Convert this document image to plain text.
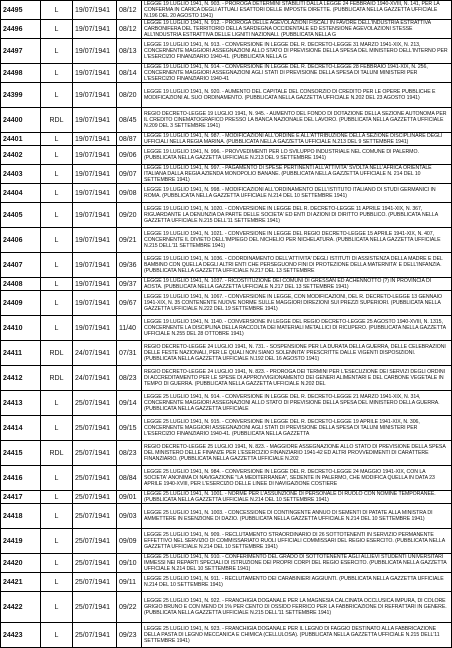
24495	L	19/07/1941	08/12	LEGGE 19 LUGLIO 1941, N. 903. - PROROGA DETERMINI STABILITI DALLA LEGGE 24 FEBBRAIO 1940-XVIII, N. 141, PER LA CONFERMA IN CARICA DEGLI ATTUALI ESATTORI DELLE IMPOSTE DIRETTE. (PUBBLICATA NELLA GAZZETTA UFFICIALE N.196 DEL 20 AGOSTO 1941)
24496	L	19/07/1941	08/12	LEGGE 19 LUGLIO 1941, N. 912. - PROROGA DELLE AGEVOLAZIONI FISCALI IN FAVORE DELL'INDUSTRIA ESTRATTIVA CARBONIFERA DEL TERRITORIO DELLA SARDEGNA OCCIDENTALE ED ESTENSIONE AGEVOLAZIONI STESSE ALL'INDUSTRIA ESTRATTIVA DELLE LIGNITI NAZIONALI. (PUBBLICATA NELLA G
24497	L	19/07/1941	08/13	LEGGE 19 LUGLIO 1941, N. 913. - CONVERSIONE IN LEGGE DEL R. DECRETO-LEGGE 31 MARZO 1941-XIX, N. 213, CONCERNENTE MAGGIORI ASSEGNAZIONI ALLO STATO DI PREVISIONE DELLA SPESA DEL MINISTERO DELL'INTERNO PER L'ESERCIZIO FINANZIARIO 1940-41. (PUBBLICATA NELLA G
24498	L	19/07/1941	08/14	LEGGE 19 LUGLIO 1941, N. 914. - CONVERSIONE IN LEGGE DEL R. DECRETO-LEGGE 28 FEBBRAIO 1941-XIX, N. 256, CONCERNENTE MAGGIORI ASSEGNAZIONI AGLI STATI DI PREVISIONE DELLA SPESA DI TALUNI MINISTERI PER L'ESERCIZIO FINANZIARIO 1940-41
24399	L	19/07/1941	08/20	LEGGE 19 LUGLIO 1941, N. 920. - AUMENTO DEL CAPITALE DEL CONSORZIO DI CREDITO PER LE OPERE PUBBLICHE E MODIFICAZIONI AL SUO ORDINAMENTO. (PUBBLICATA NELLA GAZZETTA UFFICIALE N.202 DEL 23 AGOSTO 1941)
24400	RDL	19/07/1941	08/45	REGIO DECRETO-LEGGE 19 LUGLIO 1941, N. 945. - AUMENTO DEL FONDO DI DOTAZIONE DELLA SEZIONE AUTONOMA PER IL CREDITO CINEMATOGRAFICO PRESSO LA BANCA NAZIONALE DEL LAVORO. (PUBBLICATA NELLA GAZZETTA UFFICIALE N.209 DEL 3 SETTEMBRE 1941)
24401	L	19/07/1941	08/87	LEGGE 19 LUGLIO 1941, N. 987. - MODIFICAZIONI ALL'ORDINE E ALL'ATTRIBUZIONE DELLA SEZIONE DISCIPLINARE DEGLI UFFICIALI NELLA REGIA MARINA. (PUBBLICATA NELLA GAZZETTA UFFICIALE N.213 DEL 9 SETTEMBRE 1941)
24402	L	19/07/1941	09/06	LEGGE 19 LUGLIO 1941, N. 996. - PROVVEDIMENTI PER LO SVILUPPO INDUSTRIALE NEL COMUNE DI PALERMO. (PUBBLICATA NELLA GAZZETTA UFFICIALE N.213 DEL 9 SETTEMBRE 1941)
24403	L	19/07/1941	09/07	LEGGE 19 LUGLIO 1941, N. 997. - PAGAMENTO DI SPESE PERTINENTI ALL'ATTIVITA' SVOLTA NELL'AFRICA ORIENTALE ITALIANA DALLA REGIA AZIENDA MONOPOLIO BANANE. (PUBBLICATA NELLA GAZZETTA UFFICIALE N. 214 DEL 10 SETTEMBRE 1941)
24404	L	19/07/1941	09/08	LEGGE 19 LUGLIO 1941, N. 998. - MODIFICAZIONI ALL'ORDINAMENTO DELL'ISTITUTO ITALIANO DI STUDI GERMANICI IN ROMA. (PUBBLICATA NELLA GAZZETTA UFFICIALE N.214 DEL 10 SETTEMBRE 1941)
24405	L	19/07/1941	09/20	LEGGE 19 LUGLIO 1941, N. 1020. - CONVERSIONE IN LEGGE DEL R. DECRETO-LEGGE 11 APRILE 1941-XIX, N. 367, RIGUARDANTE LA DENUNZIA DA PARTE DELLE SOCIETA' ED ENTI DI AZIONI DI DIRITTO PUBBLICO. (PUBBLICATA NELLA GAZZETTA UFFICIALE N.215 DELL'11 SETTEMBRE 1941)
24406	L	19/07/1941	09/21	LEGGE 19 LUGLIO 1941, N. 1021. - CONVERSIONE IN LEGGE DEL REGIO DECRETO-LEGGE 15 APRILE 1941-XIX, N. 407, CONCERNENTE IL DIVIETO DELL'IMPIEGO DEL NICHELIO PER NICHELATURA. (PUBBLICATA NELLA GAZZETTA UFFICIALE N.215 DELL'11 SETTEMBRE 1941)
24407	L	19/07/1941	09/36	LEGGE 19 LUGLIO 1941, N. 1036. - COORDINAMENTO DELL'ATTIVITA' DEGLI ISTITUTI DI ASSISTENZA DELLA MADRE E DEL BAMBINO CON QUELLA DEGLI ALTRI ENTI CHE PERSEGUONO FINI DI PROTEZIONE DELLA MATERNITA' E DELL'INFANZIA. (PUBBLICATA NELLA GAZZETTA UFFICIALE N.217 DEL 13 SETTEMBRE
24408	L	19/07/1941	09/37	LEGGE 19 LUGLIO 1941, N. 1037. - RICOSTITUZIONE DEI COMUNI DI GRESSAN ED ACHENNOTTO (?) IN PROVINCIA DI AOSTA. (PUBBLICATA NELLA GAZZETTA UFFICIALE N.217 DEL 13 SETTEMBRE 1941)
24409	L	19/07/1941	09/67	LEGGE 19 LUGLIO 1941, N. 1067. - CONVERSIONE IN LEGGE, CON MODIFICAZIONI, DEL R. DECRETO-LEGGE 13 GENNAIO 1941-XIX, N. 35 CONTENENTE NUOVE NORME SULLE MAGGIORI DIREZIONI SUI PREZZI SUPERIORI. (PUBBLICATA NELLA GAZZETTA UFFICIALE N.222 DEL 19 SETTEMBRE 1941)
24410	L	19/07/1941	11/40	LEGGE 19 LUGLIO 1941, N. 1140. - CONVERSIONE IN LEGGE DEL REGIO DECRETO-LEGGE 25 AGOSTO 1940-XVIII, N. 1315, CONCERNENTE LA DISCIPLINA DELLA RACCOLTA DEI MATERIALI METALLICI DI RICUPERO. (PUBBLICATA NELLA GAZZETTA UFFICIALE N.255 DEL 28 OTTOBRE 1941)
24411	RDL	24/07/1941	07/31	REGIO DECRETO-LEGGE 24 LUGLIO 1941, N. 731. - SOSPENSIONE PER LA DURATA DELLA GUERRA, DELLE CELEBRAZIONI DELLE FESTE NAZIONALI, PER LE QUALI NON SIANO SOLENNITA' PRESCRITTE DALLE VIGENTI DISPOSIZIONI. (PUBBLICATA NELLA GAZZETTA UFFICIALE N.192 DEL 16 AGOSTO 1941)
24412	RDL	24/07/1941	08/23	REGIO DECRETO-LEGGE 24 LUGLIO 1941, N. 823. - PROROGA DEI TERMINI PER L'ESECUZIONE DEI SERVIZI DEGLI ORDINI DI ACCREDITAMENTO PER LE SPESE DI APPROVVIGIONAMENTO DEI GENERI ALIMENTARI E DEL CARBONE VEGETALE IN TEMPO DI GUERRA. (PUBBLICATA NELLA GAZZETTA UFFICIALE N.202 DEL
24413	L	25/07/1941	09/14	LEGGE 25 LUGLIO 1941, N. 914. - CONVERSIONE IN LEGGE DEL R. DECRETO-LEGGE 21 MARZO 1941-XIX, N. 314, CONCERNENTE MAGGIORI ASSEGNAZIONI ALLO STATO DI PREVISIONE DELLA SPESA DEL MINISTERO DELLA GUERRA. (PUBBLICATA NELLA GAZZETTA UFFICIALE
24414	L	25/07/1941	09/15	LEGGE 25 LUGLIO 1941, N. 915. - CONVERSIONE IN LEGGE DEL R. DECRETO-LEGGE 19 APRILE 1941-XIX, N. 306, CONCERNENTE MAGGIORI ASSEGNAZIONI AGLI STATI DI PREVISIONE DELLA SPESA DI TALUNI MINISTERI PER L'ESERCIZIO FINANZIARIO 1940-41. (PUBBLICATA NELLA GAZZETTA
24415	RDL	25/07/1941	08/23	REGIO DECRETO-LEGGE 25 LUGLIO 1941, N. 823. - MAGGIORE ASSEGNAZIONE ALLO STATO DI PREVISIONE DELLA SPESA DEL MINISTERO DELLE FINANZE PER L'ESERCIZIO FINANZIARIO 1941-42 ED ALTRI PROVVEDIMENTI DI CARATTERE FINANZIARIO. (PUBBLICATA NELLA GAZZETTA UFFICIALE N.202
24416	L	25/07/1941	08/84	LEGGE 25 LUGLIO 1941, N. 984. - CONVERSIONE IN LEGGE DEL R. DECRETO-LEGGE 24 MAGGIO 1941-XIX, CON LA SOCIETA' ANONIMA DI NAVIGAZIONE "LA MEDITERRANEA", SEDENTE IN PALERMO, CHE MODIFICA QUELLA IN DATA 23 APRILE 1940-XVIII, PER L'ESERCIZIO DELLE LINEE DI NAVIGAZIONE COSTIERE
24417	L	25/07/1941	09/01	LEGGE 25 LUGLIO 1941, N. 1001. - NORME PER L'ASSUNZIONE DI PERSONALE DI RUOLO CON NOMINE TEMPORANEE. (PUBBLICATA NELLA GAZZETTA UFFICIALE N.214 DEL 10 SETTEMBRE 1941)
24418	L	25/07/1941	09/03	LEGGE 25 LUGLIO 1941, N. 1003. - CONCESSIONE DI CONTINGENTE ANNUO DI SEMENTI DI PATATE ALLA MINISTRA DI AMMETTERE IN ESENZIONE DI DAZIO. (PUBBLICATA NELLA GAZZETTA UFFICIALE N.214 DEL 10 SETTEMBRE 1941)
24419	L	25/07/1941	09/09	LEGGE 25 LUGLIO 1941, N. 909. - RECLUTAMENTO STRAORDINARIO DI 26 SOTTOTENENTI IN SERVIZIO PERMANENTE EFFETTIVO NEL SERVIZIO DI COMMISSARIATO RUOLI UFFICIALI COMMISSARI DEL REGIO ESERCITO. (PUBBLICATA NELLA GAZZETTA UFFICIALE N.214 DEL 10 SETTEMBRE 1941)
24420	L	25/07/1941	09/10	LEGGE 25 LUGLIO 1941, N. 910. - CONFERIMENTO DEL GRADO DI SOTTOTENENTE AGLI ALLIEVI STUDENTI UNIVERSITARI IMMESSI NEI REPARTI SPECIALI DI ISTRUZIONE DEI PROPRI CORPI DEL REGIO ESERCITO. (PUBBLICATA NELLA GAZZETTA UFFICIALE N.214 DEL 10 SETTEMBRE 1941)
24421	L	25/07/1941	09/11	LEGGE 25 LUGLIO 1941, N. 911. - RECLUTAMENTO DEI CARABINIERI AGGIUNTI. (PUBBLICATA NELLA GAZZETTA UFFICIALE N.214 DEL 10 SETTEMBRE 1941)
24422	L	25/07/1941	09/22	LEGGE 25 LUGLIO 1941, N. 922. - FRANCHIGIA DOGANALE PER LA MAGNESIA CALCINATA OCCLUSICA IMPURA, DI COLORE GRIGIO BRUNO E CON MENO DI 1% PER CENTO DI OSSIDO FERRICO PER LA FABBRICAZIONE DI REFRATTARI IN GENERE. (PUBBLICATA NELLA GAZZETTA UFFICIALE N.215 DELL'11 SETTEMBRE 1941)
24423	L	25/07/1941	09/23	LEGGE 25 LUGLIO 1941, N. 923. - FRANCHIGIA DOGANALE PER IL LEGNO DI FAGGIO DESTINATO ALLA FABBRICAZIONE DELLA PASTA DI LEGNO MECCANICA E CHIMICA (CELLULOSA). (PUBBLICATA NELLA GAZZETTA UFFICIALE N.215 DELL'11 SETTEMBRE 1941)
